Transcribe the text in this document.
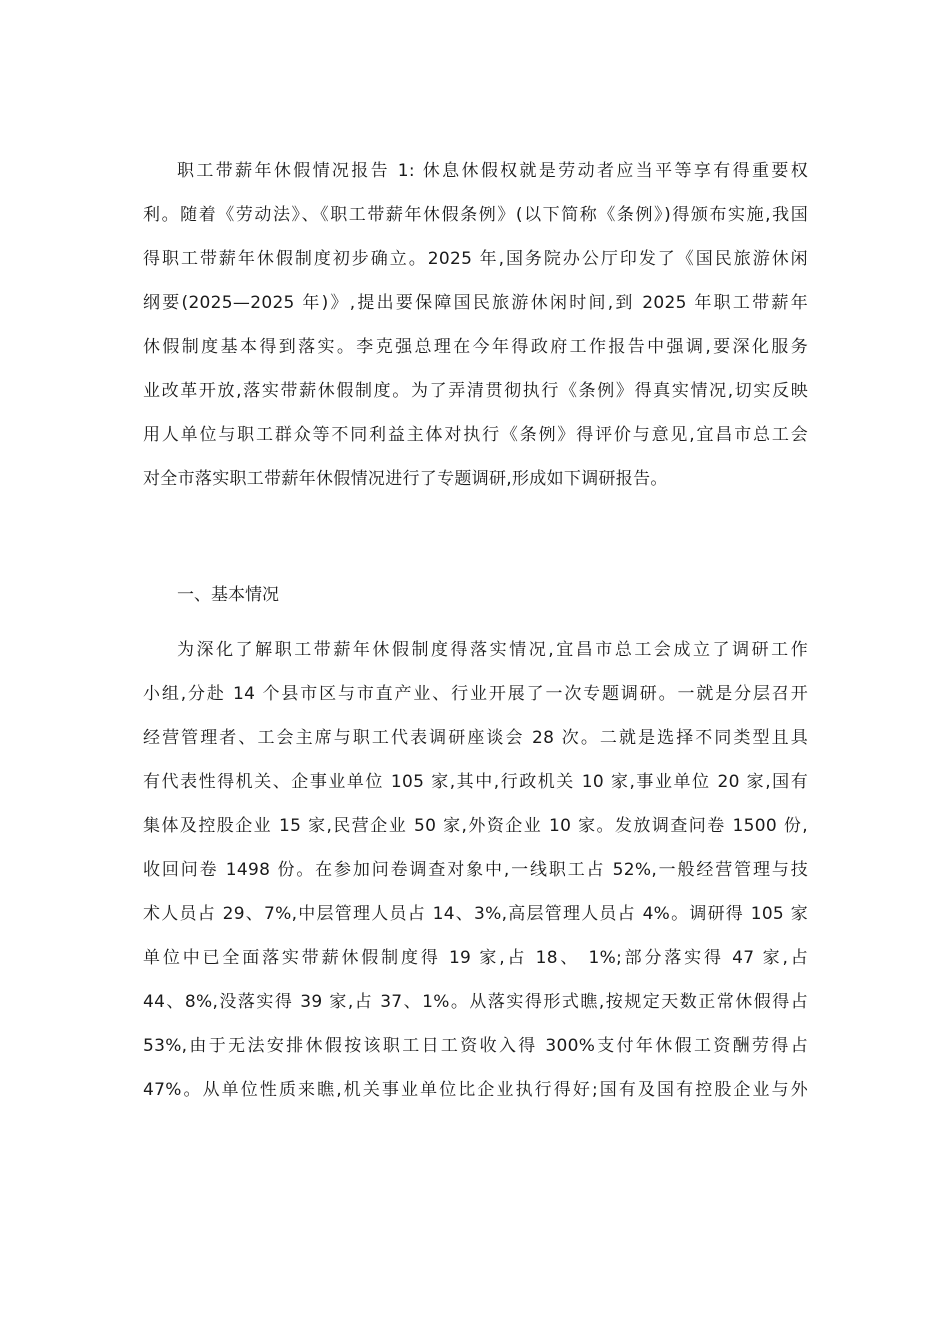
职工带薪年休假情况报告 1: 休息休假权就是劳动者应当平等享有得重要权
利。随着《劳动法》、《职工带薪年休假条例》(以下简称《条例》)得颁布实施,我国
得职工带薪年休假制度初步确立。2025 年,国务院办公厅印发了《国民旅游休闲
纲要(2025—2025 年)》,提出要保障国民旅游休闲时间,到 2025 年职工带薪年
休假制度基本得到落实。李克强总理在今年得政府工作报告中强调,要深化服务
业改革开放,落实带薪休假制度。为了弄清贯彻执行《条例》得真实情况,切实反映
用人单位与职工群众等不同利益主体对执行《条例》得评价与意见,宜昌市总工会
对全市落实职工带薪年休假情况进行了专题调研,形成如下调研报告。
一、基本情况
为深化了解职工带薪年休假制度得落实情况,宜昌市总工会成立了调研工作
小组,分赴 14 个县市区与市直产业、行业开展了一次专题调研。一就是分层召开
经营管理者、工会主席与职工代表调研座谈会 28 次。二就是选择不同类型且具
有代表性得机关、企事业单位 105 家,其中,行政机关 10 家,事业单位 20 家,国有
集体及控股企业 15 家,民营企业 50 家,外资企业 10 家。发放调查问卷 1500 份,
收回问卷 1498 份。在参加问卷调查对象中,一线职工占 52%,一般经营管理与技
术人员占 29、7%,中层管理人员占 14、3%,高层管理人员占 4%。调研得 105 家
单位中已全面落实带薪休假制度得 19 家,占 18、 1%;部分落实得 47 家,占
44、8%,没落实得 39 家,占 37、1%。从落实得形式瞧,按规定天数正常休假得占
53%,由于无法安排休假按该职工日工资收入得 300%支付年休假工资酬劳得占
47%。从单位性质来瞧,机关事业单位比企业执行得好;国有及国有控股企业与外
